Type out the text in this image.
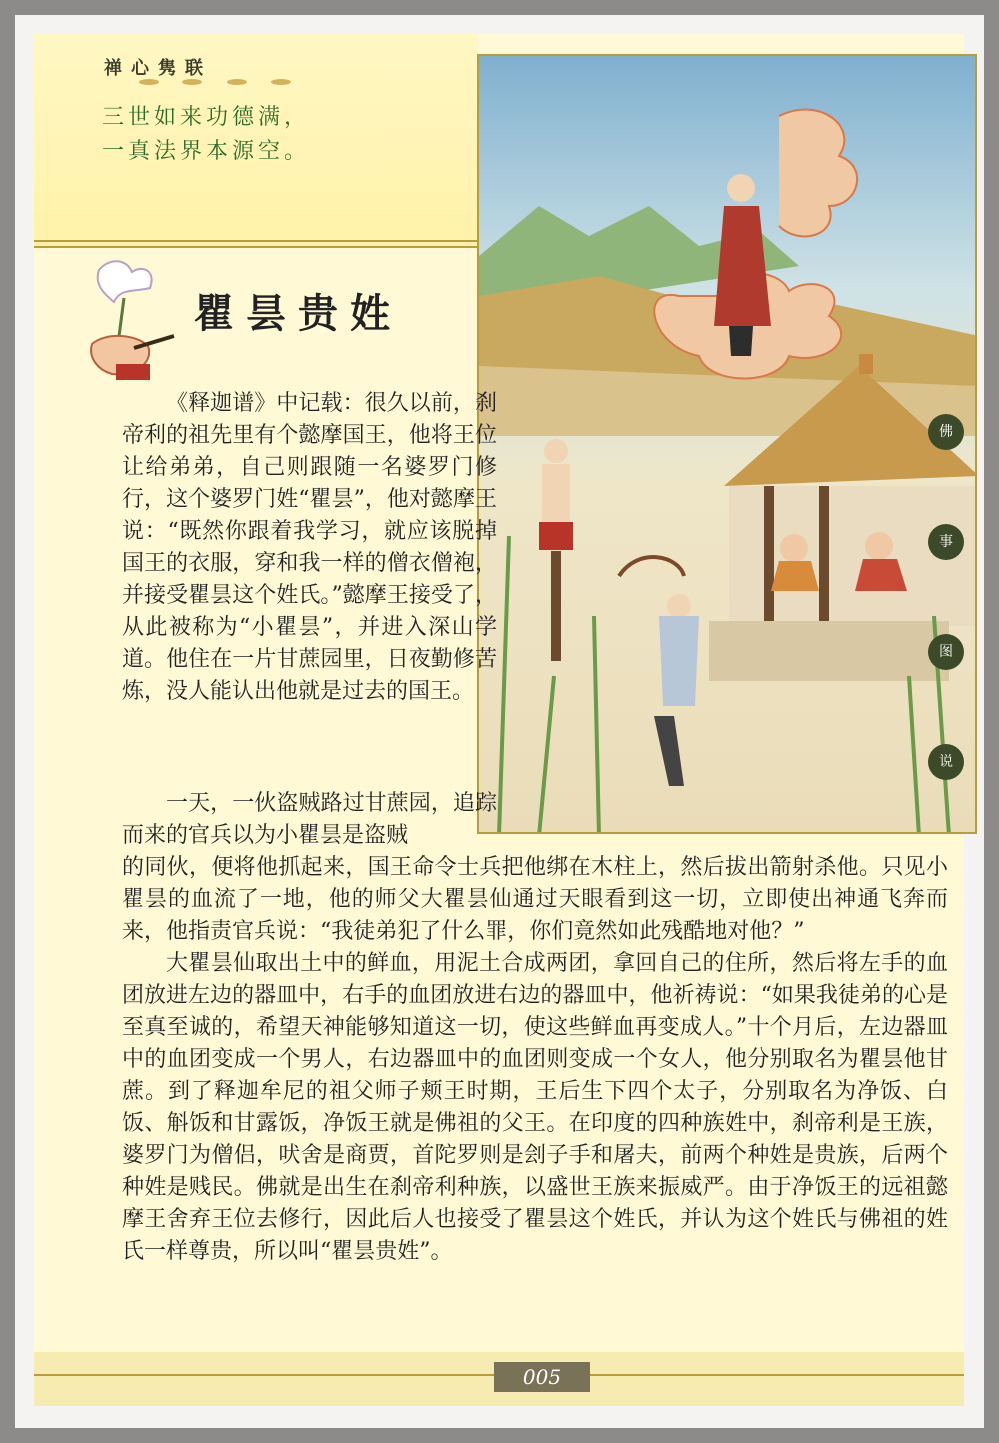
禅心隽联
三世如来功德满，
一真法界本源空。
佛
事
图
说
瞿昙贵姓

《释迦谱》中记载：很久以前，刹帝利的祖先里有个懿摩国王，他将王位让给弟弟，自己则跟随一名婆罗门修行，这个婆罗门姓“瞿昙”，他对懿摩王说：“既然你跟着我学习，就应该脱掉国王的衣服，穿和我一样的僧衣僧袍，并接受瞿昙这个姓氏。”懿摩王接受了，从此被称为“小瞿昙”，并进入深山学道。他住在一片甘蔗园里，日夜勤修苦炼，没人能认出他就是过去的国王。

一天，一伙盗贼路过甘蔗园，追踪而来的官兵以为小瞿昙是盗贼

的同伙，便将他抓起来，国王命令士兵把他绑在木柱上，然后拔出箭射杀他。只见小瞿昙的血流了一地，他的师父大瞿昙仙通过天眼看到这一切，立即使出神通飞奔而来，他指责官兵说：“我徒弟犯了什么罪，你们竟然如此残酷地对他？”

大瞿昙仙取出土中的鲜血，用泥土合成两团，拿回自己的住所，然后将左手的血团放进左边的器皿中，右手的血团放进右边的器皿中，他祈祷说：“如果我徒弟的心是至真至诚的，希望天神能够知道这一切，使这些鲜血再变成人。”十个月后，左边器皿中的血团变成一个男人，右边器皿中的血团则变成一个女人，他分别取名为瞿昙他甘蔗。到了释迦牟尼的祖父师子颊王时期，王后生下四个太子，分别取名为净饭、白饭、斛饭和甘露饭，净饭王就是佛祖的父王。在印度的四种族姓中，刹帝利是王族，婆罗门为僧侣，吠舍是商贾，首陀罗则是刽子手和屠夫，前两个种姓是贵族，后两个种姓是贱民。佛就是出生在刹帝利种族，以盛世王族来振威严。由于净饭王的远祖懿摩王舍弃王位去修行，因此后人也接受了瞿昙这个姓氏，并认为这个姓氏与佛祖的姓氏一样尊贵，所以叫“瞿昙贵姓”。

005
